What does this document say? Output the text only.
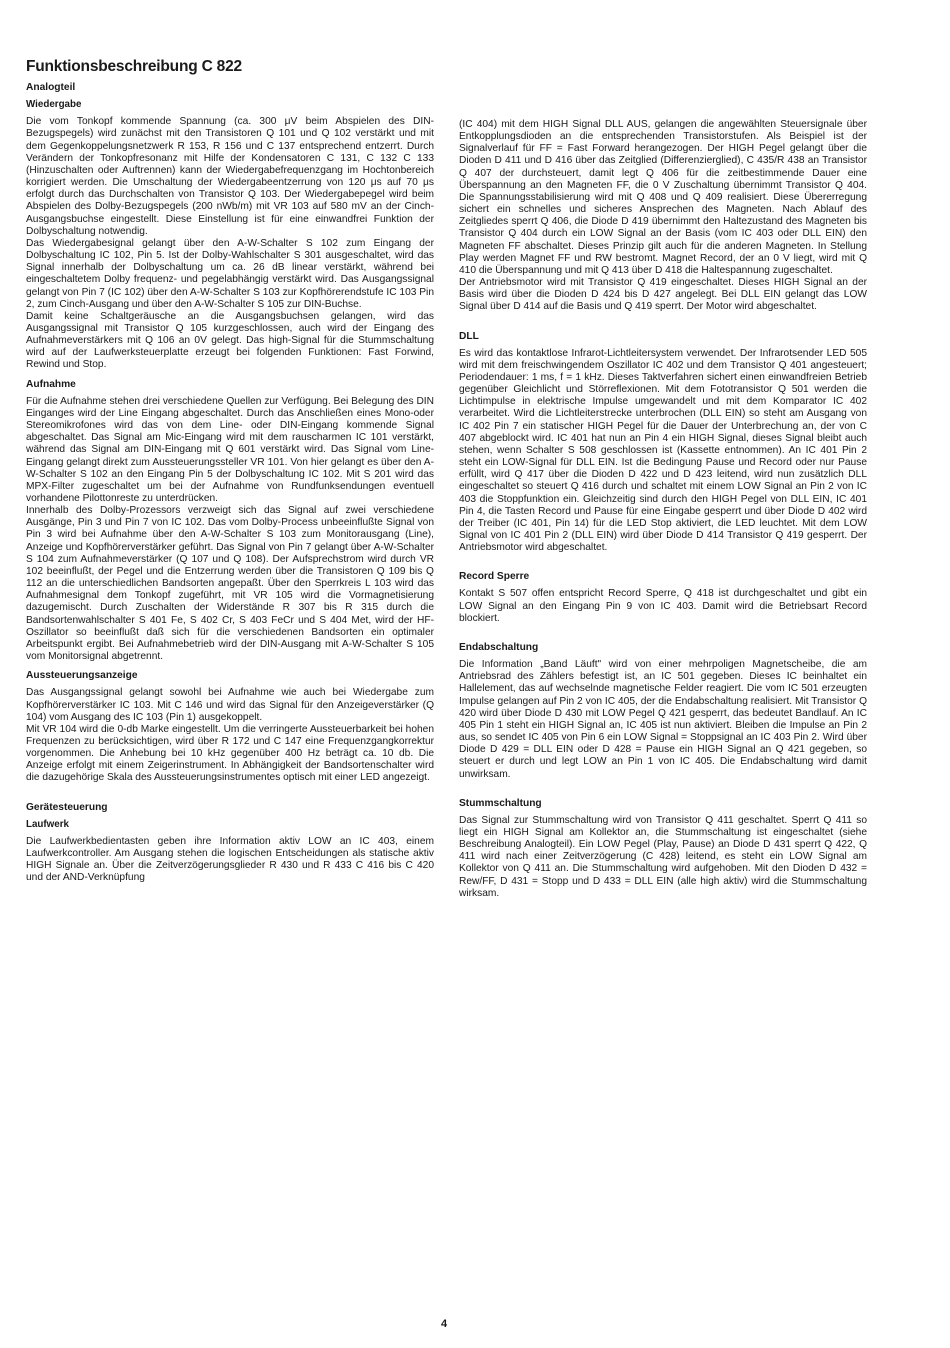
Funktionsbeschreibung C 822
Analogteil
Wiedergabe

Die vom Tonkopf kommende Spannung (ca. 300 μV beim Abspielen des DIN-Bezugspegels) wird zunächst mit den Transistoren Q 101 und Q 102 verstärkt und mit dem Gegenkoppelungsnetzwerk R 153, R 156 und C 137 entsprechend entzerrt. Durch Verändern der Tonkopfresonanz mit Hilfe der Kondensatoren C 131, C 132 C 133 (Hinzuschalten oder Auftrennen) kann der Wiedergabefrequenzgang im Hochtonbereich korrigiert werden. Die Umschaltung der Wiedergabeentzerrung von 120 μs auf 70 μs erfolgt durch das Durchschalten von Transistor Q 103. Der Wiedergabepegel wird beim Abspielen des Dolby-Bezugspegels (200 nWb/m) mit VR 103 auf 580 mV an der Cinch-Ausgangsbuchse eingestellt. Diese Einstellung ist für eine einwandfrei Funktion der Dolbyschaltung notwendig.

Das Wiedergabesignal gelangt über den A-W-Schalter S 102 zum Eingang der Dolbyschaltung IC 102, Pin 5. Ist der Dolby-Wahlschalter S 301 ausgeschaltet, wird das Signal innerhalb der Dolbyschaltung um ca. 26 dB linear verstärkt, während bei eingeschaltetem Dolby frequenz- und pegelabhängig verstärkt wird. Das Ausgangssignal gelangt von Pin 7 (IC 102) über den A-W-Schalter S 103 zur Kopfhörerendstufe IC 103 Pin 2, zum Cinch-Ausgang und über den A-W-Schalter S 105 zur DIN-Buchse.

Damit keine Schaltgeräusche an die Ausgangsbuchsen gelangen, wird das Ausgangssignal mit Transistor Q 105 kurzgeschlossen, auch wird der Eingang des Aufnahmeverstärkers mit Q 106 an 0V gelegt. Das high-Signal für die Stummschaltung wird auf der Laufwerksteuerplatte erzeugt bei folgenden Funktionen: Fast Forwind, Rewind und Stop.

Aufnahme

Für die Aufnahme stehen drei verschiedene Quellen zur Verfügung. Bei Belegung des DIN Einganges wird der Line Eingang abgeschaltet. Durch das Anschließen eines Mono-oder Stereomikrofones wird das von dem Line- oder DIN-Eingang kommende Signal abgeschaltet. Das Signal am Mic-Eingang wird mit dem rauscharmen IC 101 verstärkt, während das Signal am DIN-Eingang mit Q 601 verstärkt wird. Das Signal vom Line-Eingang gelangt direkt zum Aussteuerungssteller VR 101. Von hier gelangt es über den A-W-Schalter S 102 an den Eingang Pin 5 der Dolbyschaltung IC 102. Mit S 201 wird das MPX-Filter zugeschaltet um bei der Aufnahme von Rundfunksendungen eventuell vorhandene Pilottonreste zu unterdrücken.

Innerhalb des Dolby-Prozessors verzweigt sich das Signal auf zwei verschiedene Ausgänge, Pin 3 und Pin 7 von IC 102. Das vom Dolby-Process unbeeinflußte Signal von Pin 3 wird bei Aufnahme über den A-W-Schalter S 103 zum Monitorausgang (Line), Anzeige und Kopfhörerverstärker geführt. Das Signal von Pin 7 gelangt über A-W-Schalter S 104 zum Aufnahmeverstärker (Q 107 und Q 108). Der Aufsprechstrom wird durch VR 102 beeinflußt, der Pegel und die Entzerrung werden über die Transistoren Q 109 bis Q 112 an die unterschiedlichen Bandsorten angepaßt. Über den Sperrkreis L 103 wird das Aufnahmesignal dem Tonkopf zugeführt, mit VR 105 wird die Vormagnetisierung dazugemischt. Durch Zuschalten der Widerstände R 307 bis R 315 durch die Bandsortenwahlschalter S 401 Fe, S 402 Cr, S 403 FeCr und S 404 Met, wird der HF-Oszillator so beeinflußt daß sich für die verschiedenen Bandsorten ein optimaler Arbeitspunkt ergibt. Bei Aufnahmebetrieb wird der DIN-Ausgang mit A-W-Schalter S 105 vom Monitorsignal abgetrennt.

Aussteuerungsanzeige

Das Ausgangssignal gelangt sowohl bei Aufnahme wie auch bei Wiedergabe zum Kopfhörerverstärker IC 103. Mit C 146 und wird das Signal für den Anzeigeverstärker (Q 104) vom Ausgang des IC 103 (Pin 1) ausgekoppelt.

Mit VR 104 wird die 0-db Marke eingestellt. Um die verringerte Aussteuerbarkeit bei hohen Frequenzen zu berücksichtigen, wird über R 172 und C 147 eine Frequenzgangkorrektur vorgenommen. Die Anhebung bei 10 kHz gegenüber 400 Hz beträgt ca. 10 db. Die Anzeige erfolgt mit einem Zeigerinstrument. In Abhängigkeit der Bandsortenschalter wird die dazugehörige Skala des Aussteuerungsinstrumentes optisch mit einer LED angezeigt.

Gerätesteuerung
Laufwerk

Die Laufwerkbedientasten geben ihre Information aktiv LOW an IC 403, einem Laufwerkcontroller. Am Ausgang stehen die logischen Entscheidungen als statische aktiv HIGH Signale an. Über die Zeitverzögerungsglieder R 430 und R 433 C 416 bis C 420 und der AND-Verknüpfung

(IC 404) mit dem HIGH Signal DLL AUS, gelangen die angewählten Steuersignale über Entkopplungsdioden an die entsprechenden Transistorstufen. Als Beispiel ist der Signalverlauf für FF = Fast Forward herangezogen. Der HIGH Pegel gelangt über die Dioden D 411 und D 416 über das Zeitglied (Differenzierglied), C 435/R 438 an Transistor Q 407 der durchsteuert, damit legt Q 406 für die zeitbestimmende Dauer eine Überspannung an den Magneten FF, die 0 V Zuschaltung übernimmt Transistor Q 404. Die Spannungsstabilisierung wird mit Q 408 und Q 409 realisiert. Diese Übererregung sichert ein schnelles und sicheres Ansprechen des Magneten. Nach Ablauf des Zeitgliedes sperrt Q 406, die Diode D 419 übernimmt den Haltezustand des Magneten bis Transistor Q 404 durch ein LOW Signal an der Basis (vom IC 403 oder DLL EIN) den Magneten FF abschaltet. Dieses Prinzip gilt auch für die anderen Magneten. In Stellung Play werden Magnet FF und RW bestromt. Magnet Record, der an 0 V liegt, wird mit Q 410 die Überspannung und mit Q 413 über D 418 die Haltespannung zugeschaltet.

Der Antriebsmotor wird mit Transistor Q 419 eingeschaltet. Dieses HIGH Signal an der Basis wird über die Dioden D 424 bis D 427 angelegt. Bei DLL EIN gelangt das LOW Signal über D 414 auf die Basis und Q 419 sperrt. Der Motor wird abgeschaltet.

DLL

Es wird das kontaktlose Infrarot-Lichtleitersystem verwendet. Der Infrarotsender LED 505 wird mit dem freischwingendem Oszillator IC 402 und dem Transistor Q 401 angesteuert; Periodendauer: 1 ms, f = 1 kHz. Dieses Taktverfahren sichert einen einwandfreien Betrieb gegenüber Gleichlicht und Störreflexionen. Mit dem Fototransistor Q 501 werden die Lichtimpulse in elektrische Impulse umgewandelt und mit dem Komparator IC 402 verarbeitet. Wird die Lichtleiterstrecke unterbrochen (DLL EIN) so steht am Ausgang von IC 402 Pin 7 ein statischer HIGH Pegel für die Dauer der Unterbrechung an, der von C 407 abgeblockt wird. IC 401 hat nun an Pin 4 ein HIGH Signal, dieses Signal bleibt auch stehen, wenn Schalter S 508 geschlossen ist (Kassette entnommen). An IC 401 Pin 2 steht ein LOW-Signal für DLL EIN. Ist die Bedingung Pause und Record oder nur Pause erfüllt, wird Q 417 über die Dioden D 422 und D 423 leitend, wird nun zusätzlich DLL eingeschaltet so steuert Q 416 durch und schaltet mit einem LOW Signal an Pin 2 von IC 403 die Stoppfunktion ein. Gleichzeitig sind durch den HIGH Pegel von DLL EIN, IC 401 Pin 4, die Tasten Record und Pause für eine Eingabe gesperrt und über Diode D 402 wird der Treiber (IC 401, Pin 14) für die LED Stop aktiviert, die LED leuchtet. Mit dem LOW Signal von IC 401 Pin 2 (DLL EIN) wird über Diode D 414 Transistor Q 419 gesperrt. Der Antriebsmotor wird abgeschaltet.

Record Sperre

Kontakt S 507 offen entspricht Record Sperre, Q 418 ist durchgeschaltet und gibt ein LOW Signal an den Eingang Pin 9 von IC 403. Damit wird die Betriebsart Record blockiert.

Endabschaltung

Die Information „Band Läuft" wird von einer mehrpoligen Magnetscheibe, die am Antriebsrad des Zählers befestigt ist, an IC 501 gegeben. Dieses IC beinhaltet ein Hallelement, das auf wechselnde magnetische Felder reagiert. Die vom IC 501 erzeugten Impulse gelangen auf Pin 2 von IC 405, der die Endabschaltung realisiert. Mit Transistor Q 420 wird über Diode D 430 mit LOW Pegel Q 421 gesperrt, das bedeutet Bandlauf. An IC 405 Pin 1 steht ein HIGH Signal an, IC 405 ist nun aktiviert. Bleiben die Impulse an Pin 2 aus, so sendet IC 405 von Pin 6 ein LOW Signal = Stoppsignal an IC 403 Pin 2. Wird über Diode D 429 = DLL EIN oder D 428 = Pause ein HIGH Signal an Q 421 gegeben, so steuert er durch und legt LOW an Pin 1 von IC 405. Die Endabschaltung wird damit unwirksam.

Stummschaltung

Das Signal zur Stummschaltung wird von Transistor Q 411 geschaltet. Sperrt Q 411 so liegt ein HIGH Signal am Kollektor an, die Stummschaltung ist eingeschaltet (siehe Beschreibung Analogteil). Ein LOW Pegel (Play, Pause) an Diode D 431 sperrt Q 422, Q 411 wird nach einer Zeitverzögerung (C 428) leitend, es steht ein LOW Signal am Kollektor von Q 411 an. Die Stummschaltung wird aufgehoben. Mit den Dioden D 432 = Rew/FF, D 431 = Stopp und D 433 = DLL EIN (alle high aktiv) wird die Stummschaltung wirksam.

4
